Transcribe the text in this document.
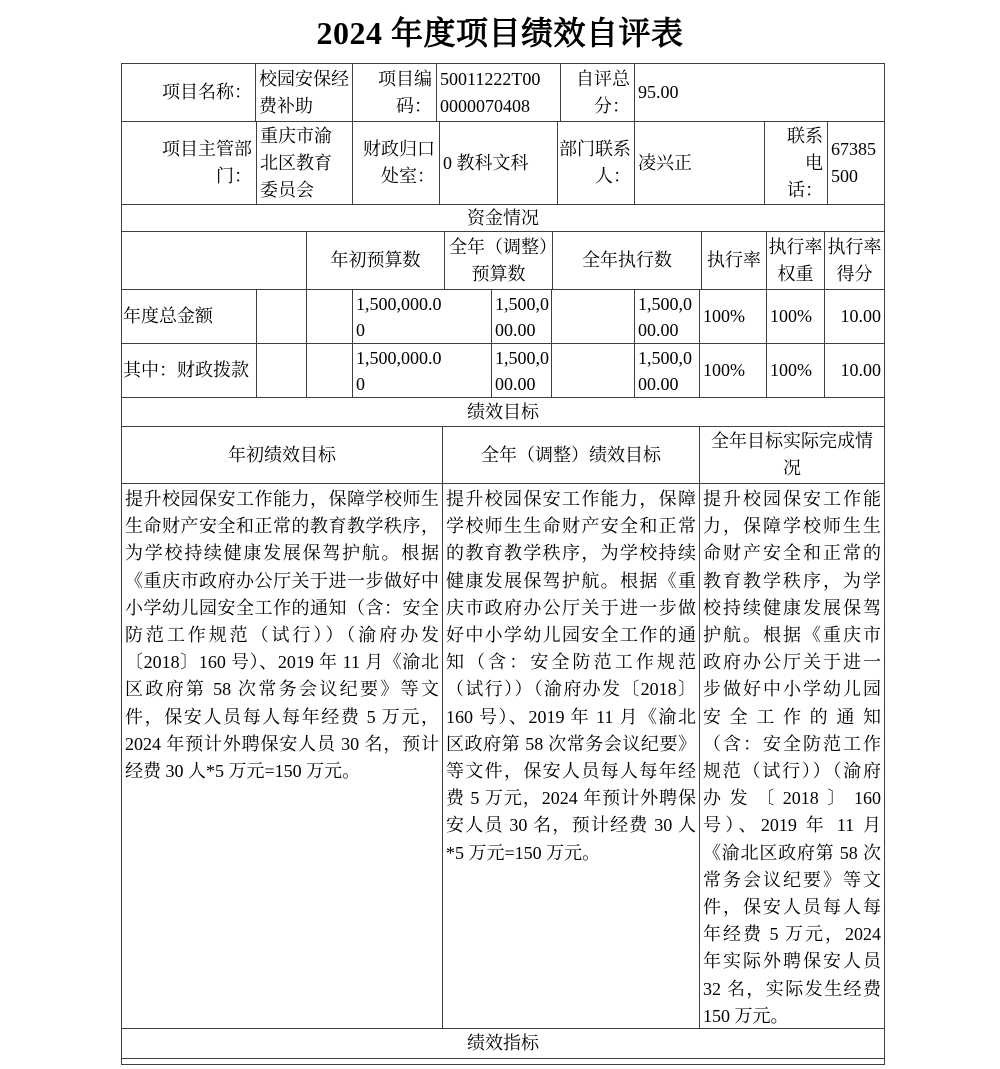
2024 年度项目绩效自评表
项目名称：
校园安保经费补助
项目编码：
50011222T000000070408
自评总分：
95.00
项目主管部门：
重庆市渝北区教育委员会
财政归口处室：
0 教科文科
部门联系人：
凌兴正
联系电话：
67385500
资金情况
年初预算数
全年（调整）预算数
全年执行数 执行率
执行率权重
执行率得分
年度总金额
1,500,000.00
1,500,000.00
1,500,000.00
100% 100% 10.00
其中：财政拨款
1,500,000.00
1,500,000.00
1,500,000.00
100% 100% 10.00
绩效目标
年初绩效目标	全年（调整）绩效目标
全年目标实际完成情况
提升校园保安工作能力，保障学校师生生命财产安全和正常的教育教学秩序，为学校持续健康发展保驾护航。根据《重庆市政府办公厅关于进一步做好中小学幼儿园安全工作的通知（含：安全防范工作规范（试行））（渝府办发〔2018〕160 号）、2019 年 11 月《渝北区政府第 58 次常务会议纪要》等文件，保安人员每人每年经费 5 万元，2024 年预计外聘保安人员 30 名，预计经费 30 人*5 万元=150 万元。
提升校园保安工作能力，保障学校师生生命财产安全和正常的教育教学秩序，为学校持续健康发展保驾护航。根据《重庆市政府办公厅关于进一步做好中小学幼儿园安全工作的通知（含：安全防范工作规范（试行））（渝府办发〔2018〕160 号）、2019 年 11 月《渝北区政府第 58 次常务会议纪要》等文件，保安人员每人每年经费 5 万元，2024 年预计外聘保安人员 30 名，预计经费 30 人*5 万元=150 万元。
提升校园保安工作能力，保障学校师生生命财产安全和正常的教育教学秩序，为学校持续健康发展保驾护航。根据《重庆市政府办公厅关于进一步做好中小学幼儿园安全工作的通知（含：安全防范工作规范（试行））（渝府办发〔2018〕160 号）、2019 年 11 月《渝北区政府第 58 次常务会议纪要》等文件，保安人员每人每年经费 5 万元，2024 年实际外聘保安人员 32 名，实际发生经费 150 万元。
绩效指标
